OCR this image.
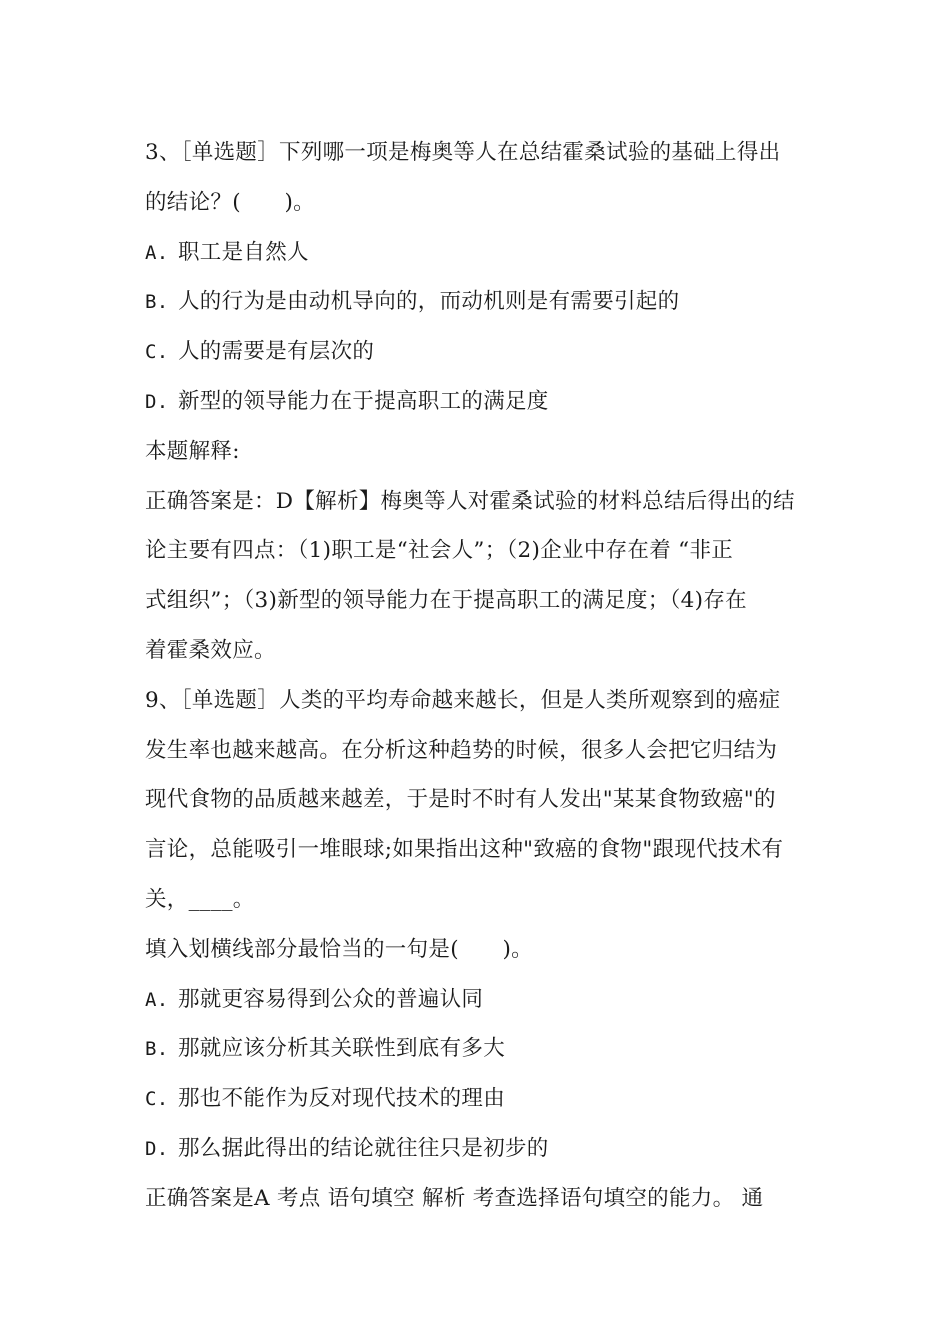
3、［单选题］下列哪一项是梅奥等人在总结霍桑试验的基础上得出
的结论？(　　)。
A. 职工是自然人
B. 人的行为是由动机导向的，而动机则是有需要引起的
C. 人的需要是有层次的
D. 新型的领导能力在于提高职工的满足度
本题解释:
正确答案是：D【解析】梅奥等人对霍桑试验的材料总结后得出的结
论主要有四点：（1)职工是“社会人”；（2)企业中存在着 “非正
式组织”；（3)新型的领导能力在于提高职工的满足度；（4)存在
着霍桑效应。
9、［单选题］人类的平均寿命越来越长，但是人类所观察到的癌症
发生率也越来越高。在分析这种趋势的时候，很多人会把它归结为
现代食物的品质越来越差，于是时不时有人发出"某某食物致癌"的
言论，总能吸引一堆眼球;如果指出这种"致癌的食物"跟现代技术有
关，____。
填入划横线部分最恰当的一句是(　　)。
A. 那就更容易得到公众的普遍认同
B. 那就应该分析其关联性到底有多大
C. 那也不能作为反对现代技术的理由
D. 那么据此得出的结论就往往只是初步的
正确答案是A 考点 语句填空 解析 考查选择语句填空的能力。 通
